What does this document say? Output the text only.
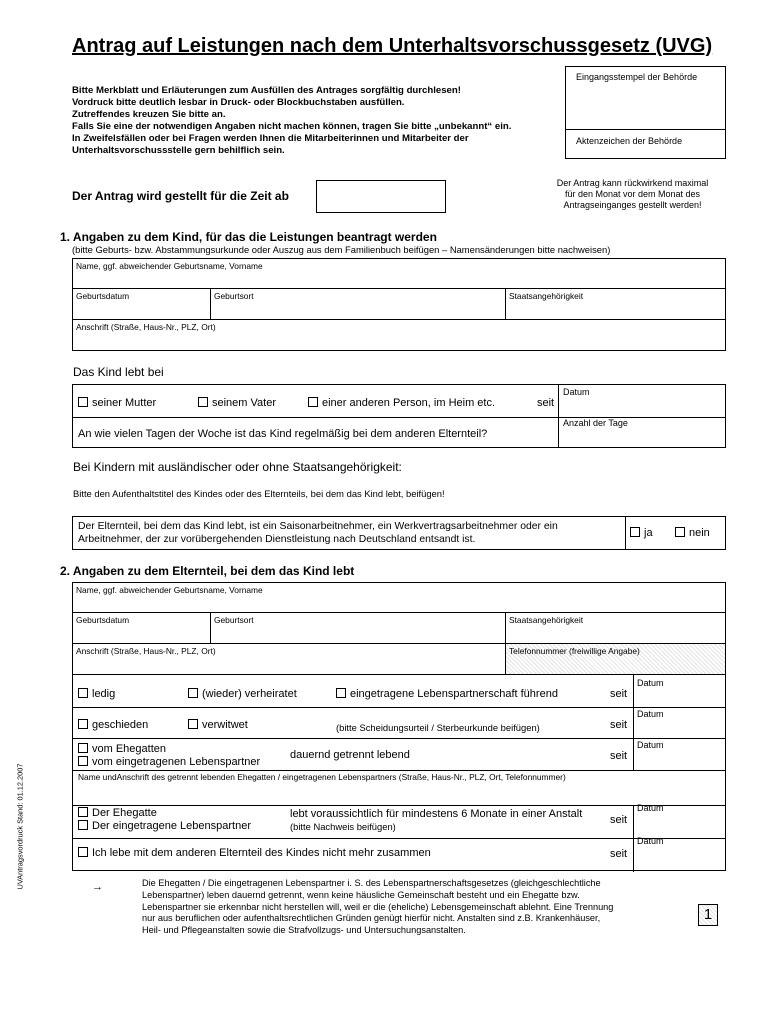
Antrag auf Leistungen nach dem Unterhaltsvorschussgesetz (UVG)
Bitte Merkblatt und Erläuterungen zum Ausfüllen des Antrages sorgfältig durchlesen!
Vordruck bitte deutlich lesbar in Druck- oder Blockbuchstaben ausfüllen.
Zutreffendes kreuzen Sie bitte an.
Falls Sie eine der notwendigen Angaben nicht machen können, tragen Sie bitte „unbekannt“ ein.
In Zweifelsfällen oder bei Fragen werden Ihnen die Mitarbeiterinnen und Mitarbeiter der
Unterhaltsvorschussstelle gern behilflich sein.
Eingangsstempel der Behörde
Aktenzeichen der Behörde
Der Antrag wird gestellt für die Zeit ab
Der Antrag kann rückwirkend maximal
für den Monat vor dem Monat des
Antragseinganges gestellt werden!
1. Angaben zu dem Kind, für das die Leistungen beantragt werden
(bitte Geburts- bzw. Abstammungsurkunde oder Auszug aus dem Familienbuch beifügen – Namensänderungen bitte nachweisen)
Name, ggf. abweichender Geburtsname, Vorname
Geburtsdatum	Geburtsort	Staatsangehörigkeit
Anschrift (Straße, Haus-Nr., PLZ, Ort)
Das Kind lebt bei
seiner Mutter	seinem Vater	einer anderen Person, im Heim etc.	seit
Datum
An wie vielen Tagen der Woche ist das Kind regelmäßig bei dem anderen Elternteil?
Anzahl der Tage
Bei Kindern mit ausländischer oder ohne Staatsangehörigkeit:
Bitte den Aufenthaltstitel des Kindes oder des Elternteils, bei dem das Kind lebt, beifügen!
Der Elternteil, bei dem das Kind lebt, ist ein Saisonarbeitnehmer, ein Werkvertragsarbeitnehmer oder ein
Arbeitnehmer, der zur vorübergehenden Dienstleistung nach Deutschland entsandt ist.
ja	nein
2. Angaben zu dem Elternteil, bei dem das Kind lebt
Name, ggf. abweichender Geburtsname, Vorname
Geburtsdatum	Geburtsort	Staatsangehörigkeit
Anschrift (Straße, Haus-Nr., PLZ, Ort)	Telefonnummer (freiwillige Angabe)
ledig	(wieder) verheiratet	eingetragene Lebenspartnerschaft führend	seit
Datum
geschieden	verwitwet	(bitte Scheidungsurteil / Sterbeurkunde beifügen)	seit
Datum
vom Ehegatten
vom eingetragenen Lebenspartner
dauernd getrennt lebend	seit
Datum
Name undAnschrift des getrennt lebenden Ehegatten / eingetragenen Lebenspartners (Straße, Haus-Nr., PLZ, Ort, Telefonnummer)
Der Ehegatte
Der eingetragene Lebenspartner
lebt voraussichtlich für mindestens 6 Monate in einer Anstalt
(bitte Nachweis beifügen)
seit
Datum
Ich lebe mit dem anderen Elternteil des Kindes nicht mehr zusammen	seit
Datum
→	Die Ehegatten / Die eingetragenen Lebenspartner i. S. des Lebenspartnerschaftsgesetzes (gleichgeschlechtliche
Lebenspartner) leben dauernd getrennt, wenn keine häusliche Gemeinschaft besteht und ein Ehegatte bzw.
Lebenspartner sie erkennbar nicht herstellen will, weil er die (eheliche) Lebensgemeinschaft ablehnt. Eine Trennung
nur aus beruflichen oder aufenthaltsrechtlichen Gründen genügt hierfür nicht. Anstalten sind z.B. Krankenhäuser,
Heil- und Pflegeanstalten sowie die Strafvollzugs- und Untersuchungsanstalten.
1
UVAntragsvordruck Stand: 01.12.2007
